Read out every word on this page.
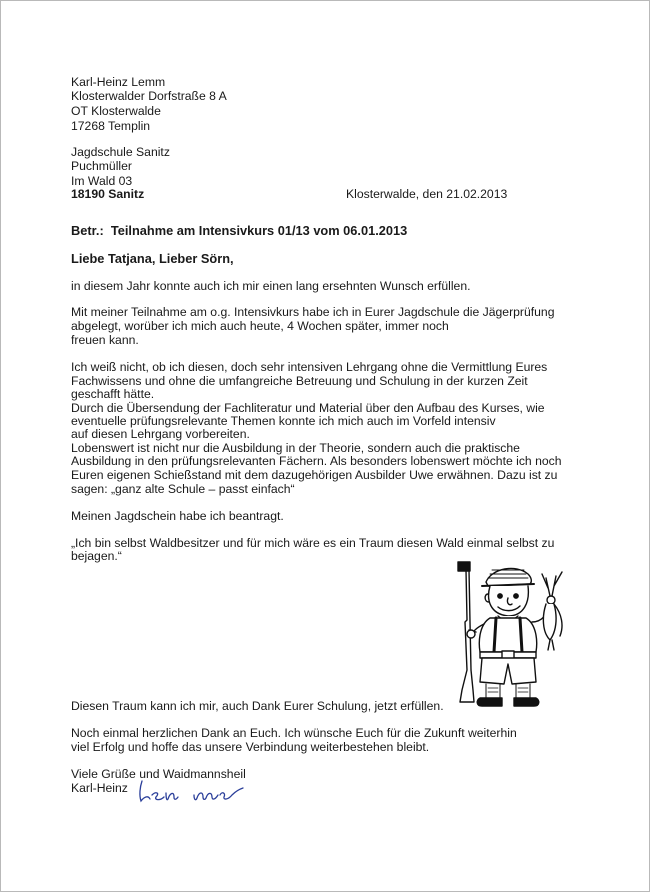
Karl-Heinz Lemm
Klosterwalder Dorfstraße 8 A
OT Klosterwalde
17268 Templin
Jagdschule Sanitz
Puchmüller
Im Wald 03
18190 Sanitz	Klosterwalde, den 21.02.2013
Betr.: Teilnahme am Intensivkurs 01/13 vom 06.01.2013
Liebe Tatjana, Lieber Sörn,
in diesem Jahr konnte auch ich mir einen lang ersehnten Wunsch erfüllen.
Mit meiner Teilnahme am o.g. Intensivkurs habe ich in Eurer Jagdschule die Jägerprüfung
abgelegt, worüber ich mich auch heute, 4 Wochen später, immer noch
freuen kann.
Ich weiß nicht, ob ich diesen, doch sehr intensiven Lehrgang ohne die Vermittlung Eures
Fachwissens und ohne die umfangreiche Betreuung und Schulung in der kurzen Zeit
geschafft hätte.
Durch die Übersendung der Fachliteratur und Material über den Aufbau des Kurses, wie
eventuelle prüfungsrelevante Themen konnte ich mich auch im Vorfeld intensiv
auf diesen Lehrgang vorbereiten.
Lobenswert ist nicht nur die Ausbildung in der Theorie, sondern auch die praktische
Ausbildung in den prüfungsrelevanten Fächern. Als besonders lobenswert möchte ich noch
Euren eigenen Schießstand mit dem dazugehörigen Ausbilder Uwe erwähnen. Dazu ist zu
sagen: „ganz alte Schule – passt einfach“
Meinen Jagdschein habe ich beantragt.
„Ich bin selbst Waldbesitzer und für mich wäre es ein Traum diesen Wald einmal selbst zu
bejagen.“
Diesen Traum kann ich mir, auch Dank Eurer Schulung, jetzt erfüllen.
Noch einmal herzlichen Dank an Euch. Ich wünsche Euch für die Zukunft weiterhin
viel Erfolg und hoffe das unsere Verbindung weiterbestehen bleibt.
Viele Grüße und Waidmannsheil
Karl-Heinz
